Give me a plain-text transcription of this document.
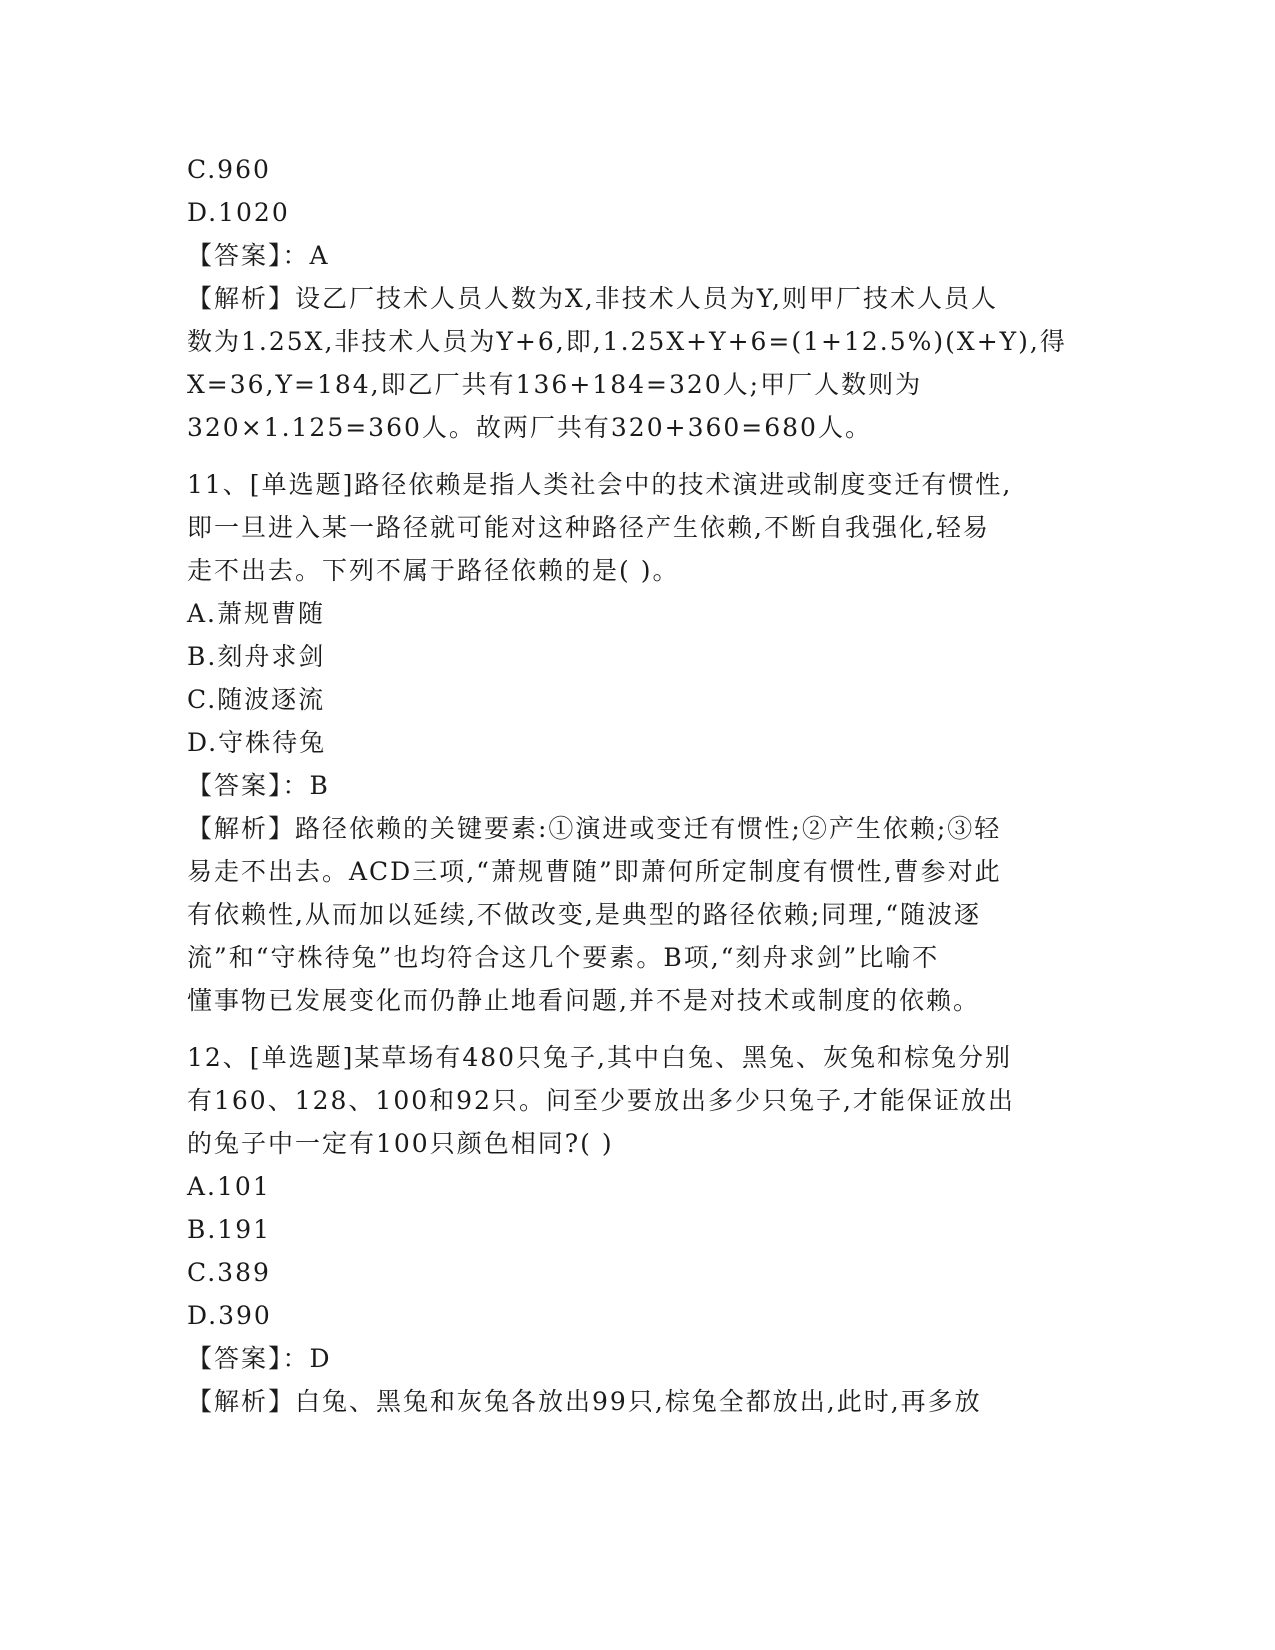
C.960
D.1020
【答案】：A
【解析】设乙厂技术人员人数为X,非技术人员为Y,则甲厂技术人员人
数为1.25X,非技术人员为Y+6,即,1.25X+Y+6=(1+12.5%)(X+Y),得
X=36,Y=184,即乙厂共有136+184=320人;甲厂人数则为
320×1.125=360人。故两厂共有320+360=680人。
11、[单选题]路径依赖是指人类社会中的技术演进或制度变迁有惯性,
即一旦进入某一路径就可能对这种路径产生依赖,不断自我强化,轻易
走不出去。下列不属于路径依赖的是( )。
A.萧规曹随
B.刻舟求剑
C.随波逐流
D.守株待兔
【答案】：B
【解析】路径依赖的关键要素:①演进或变迁有惯性;②产生依赖;③轻
易走不出去。ACD三项,“萧规曹随”即萧何所定制度有惯性,曹参对此
有依赖性,从而加以延续,不做改变,是典型的路径依赖;同理,“随波逐
流”和“守株待兔”也均符合这几个要素。B项,“刻舟求剑”比喻不
懂事物已发展变化而仍静止地看问题,并不是对技术或制度的依赖。
12、[单选题]某草场有480只兔子,其中白兔、黑兔、灰兔和棕兔分别
有160、128、100和92只。问至少要放出多少只兔子,才能保证放出
的兔子中一定有100只颜色相同?( )
A.101
B.191
C.389
D.390
【答案】：D
【解析】白兔、黑兔和灰兔各放出99只,棕兔全都放出,此时,再多放
